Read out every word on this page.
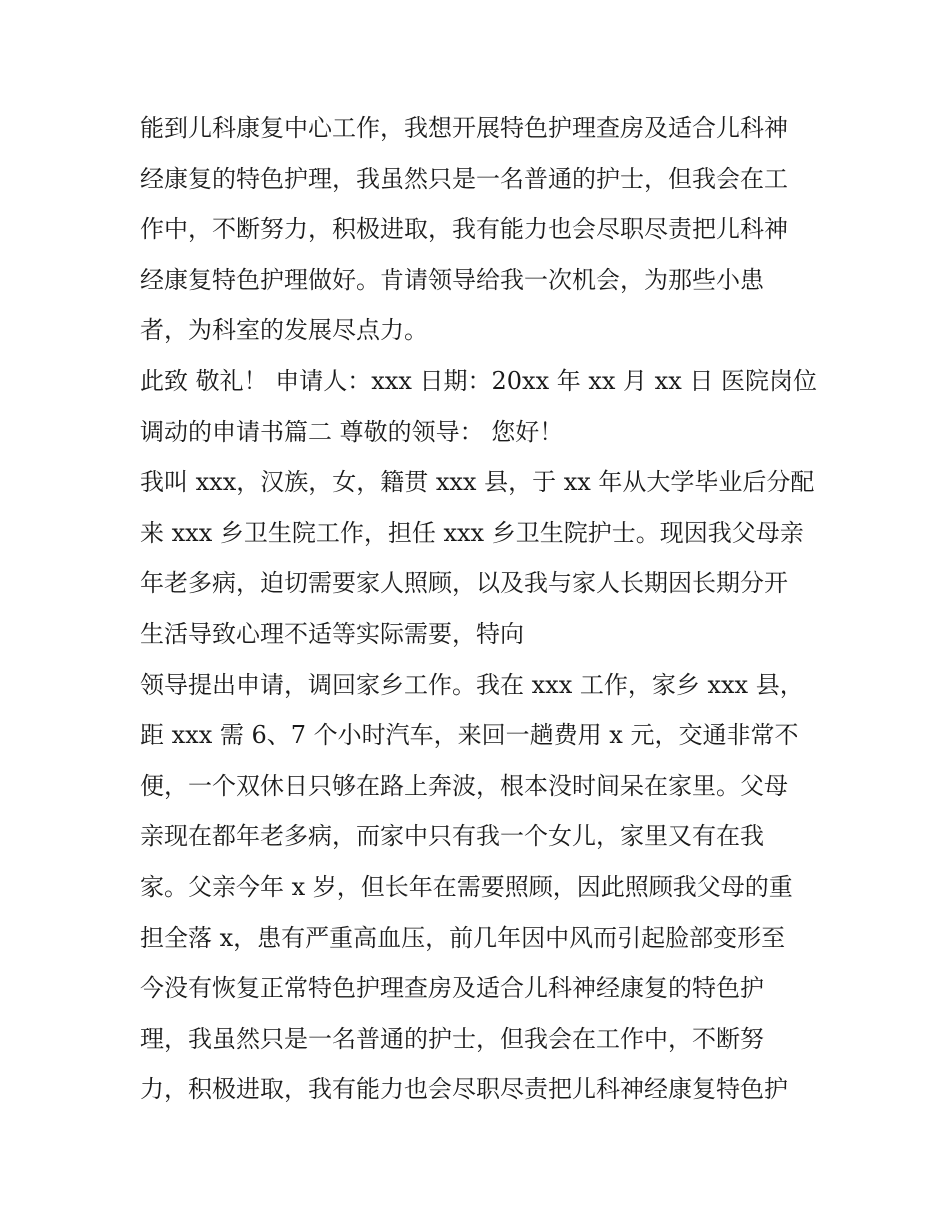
能到儿科康复中心工作，我想开展特色护理查房及适合儿科神
经康复的特色护理，我虽然只是一名普通的护士，但我会在工
作中，不断努力，积极进取，我有能力也会尽职尽责把儿科神
经康复特色护理做好。肯请领导给我一次机会，为那些小患
者，为科室的发展尽点力。
此致 敬礼！ 申请人：xxx 日期：20xx 年 xx 月 xx 日 医院岗位
调动的申请书篇二 尊敬的领导： 您好！
我叫 xxx，汉族，女，籍贯 xxx 县，于 xx 年从大学毕业后分配
来 xxx 乡卫生院工作，担任 xxx 乡卫生院护士。现因我父母亲
年老多病，迫切需要家人照顾，以及我与家人长期因长期分开
生活导致心理不适等实际需要，特向
领导提出申请，调回家乡工作。我在 xxx 工作，家乡 xxx 县，
距 xxx 需 6、7 个小时汽车，来回一趟费用 x 元，交通非常不
便，一个双休日只够在路上奔波，根本没时间呆在家里。父母
亲现在都年老多病，而家中只有我一个女儿，家里又有在我
家。父亲今年 x 岁，但长年在需要照顾，因此照顾我父母的重
担全落 x，患有严重高血压，前几年因中风而引起脸部变形至
今没有恢复正常特色护理查房及适合儿科神经康复的特色护
理，我虽然只是一名普通的护士，但我会在工作中，不断努
力，积极进取，我有能力也会尽职尽责把儿科神经康复特色护
